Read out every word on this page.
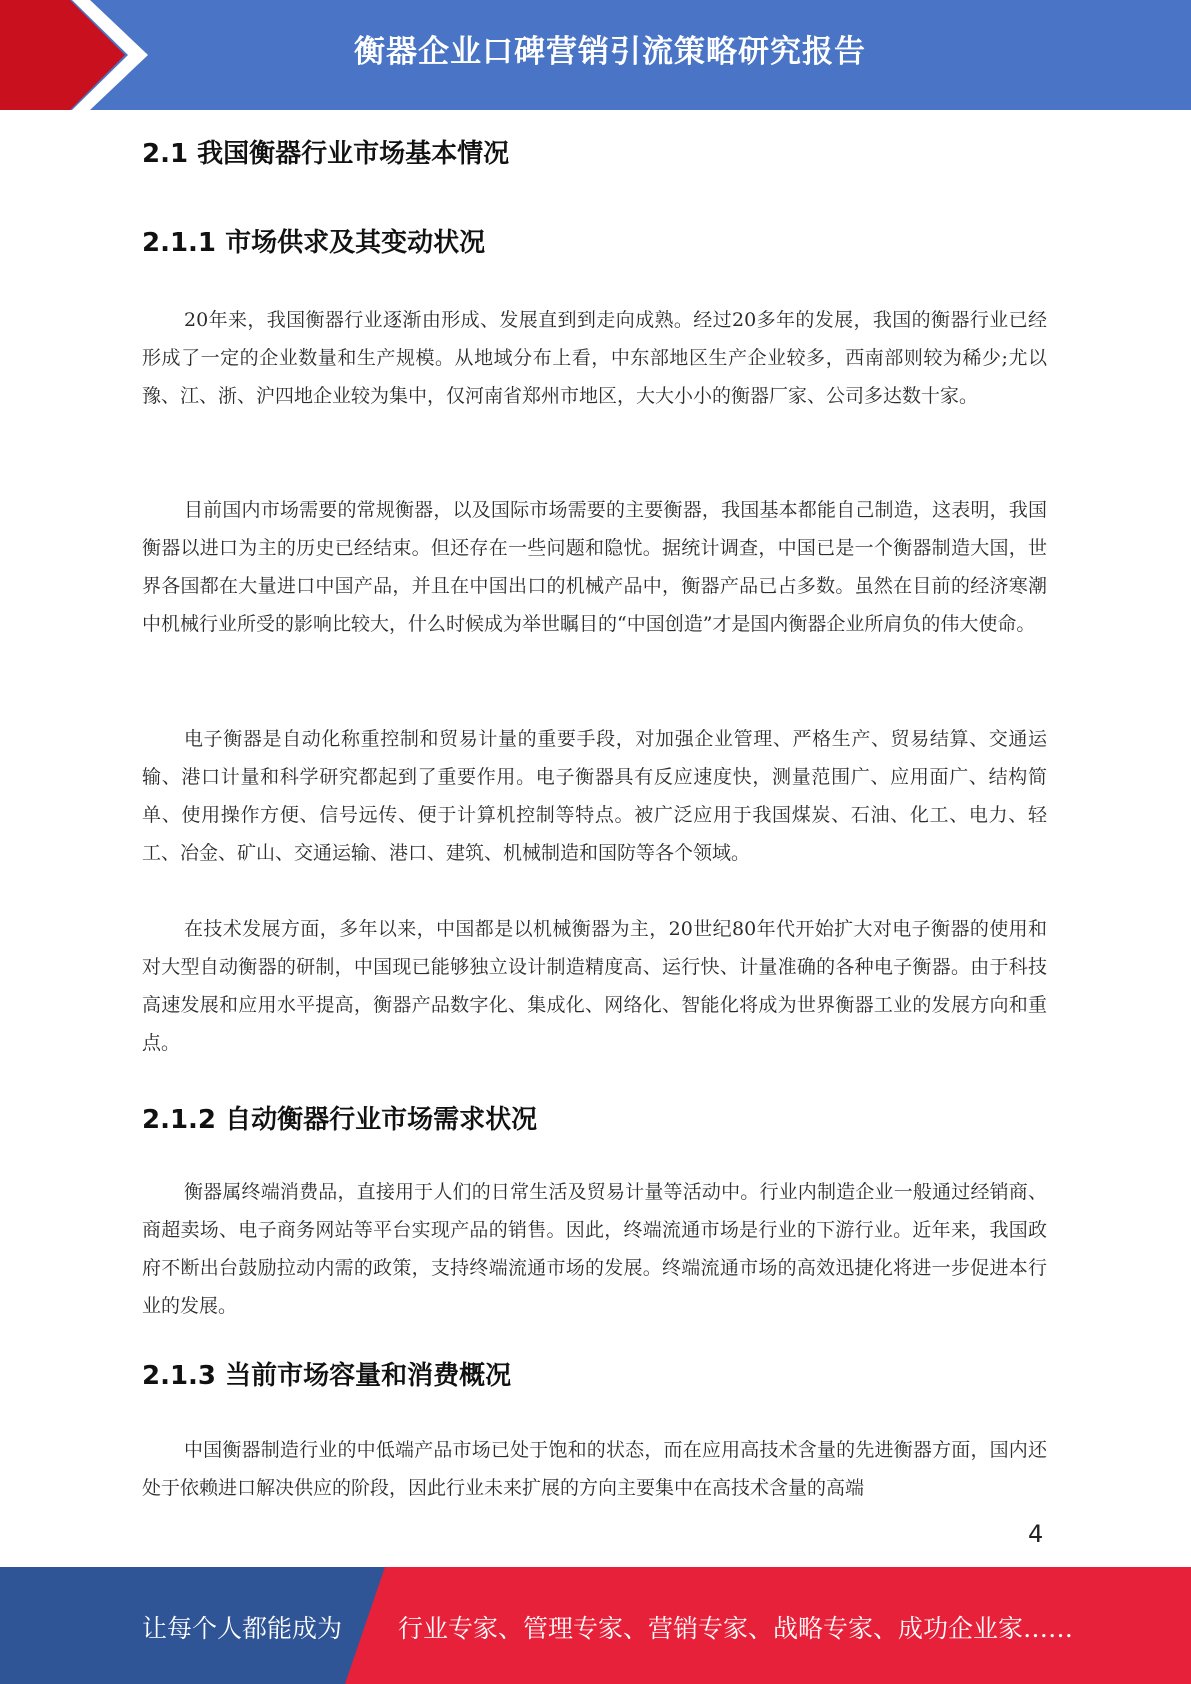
衡器企业口碑营销引流策略研究报告
2.1 我国衡器行业市场基本情况
2.1.1 市场供求及其变动状况

20年来，我国衡器行业逐渐由形成、发展直到到走向成熟。经过20多年的发展，我国的衡器行业已经形成了一定的企业数量和生产规模。从地域分布上看，中东部地区生产企业较多，西南部则较为稀少;尤以豫、江、浙、沪四地企业较为集中，仅河南省郑州市地区，大大小小的衡器厂家、公司多达数十家。

目前国内市场需要的常规衡器，以及国际市场需要的主要衡器，我国基本都能自己制造，这表明，我国衡器以进口为主的历史已经结束。但还存在一些问题和隐忧。据统计调查，中国已是一个衡器制造大国，世界各国都在大量进口中国产品，并且在中国出口的机械产品中，衡器产品已占多数。虽然在目前的经济寒潮中机械行业所受的影响比较大，什么时候成为举世瞩目的“中国创造”才是国内衡器企业所肩负的伟大使命。

电子衡器是自动化称重控制和贸易计量的重要手段，对加强企业管理、严格生产、贸易结算、交通运输、港口计量和科学研究都起到了重要作用。电子衡器具有反应速度快，测量范围广、应用面广、结构简单、使用操作方便、信号远传、便于计算机控制等特点。被广泛应用于我国煤炭、石油、化工、电力、轻工、冶金、矿山、交通运输、港口、建筑、机械制造和国防等各个领域。

在技术发展方面，多年以来，中国都是以机械衡器为主，20世纪80年代开始扩大对电子衡器的使用和对大型自动衡器的研制，中国现已能够独立设计制造精度高、运行快、计量准确的各种电子衡器。由于科技高速发展和应用水平提高，衡器产品数字化、集成化、网络化、智能化将成为世界衡器工业的发展方向和重点。

2.1.2 自动衡器行业市场需求状况

衡器属终端消费品，直接用于人们的日常生活及贸易计量等活动中。行业内制造企业一般通过经销商、商超卖场、电子商务网站等平台实现产品的销售。因此，终端流通市场是行业的下游行业。近年来，我国政府不断出台鼓励拉动内需的政策，支持终端流通市场的发展。终端流通市场的高效迅捷化将进一步促进本行业的发展。

2.1.3 当前市场容量和消费概况

中国衡器制造行业的中低端产品市场已处于饱和的状态，而在应用高技术含量的先进衡器方面，国内还处于依赖进口解决供应的阶段，因此行业未来扩展的方向主要集中在高技术含量的高端

4
让每个人都能成为 行业专家、管理专家、营销专家、战略专家、成功企业家……
